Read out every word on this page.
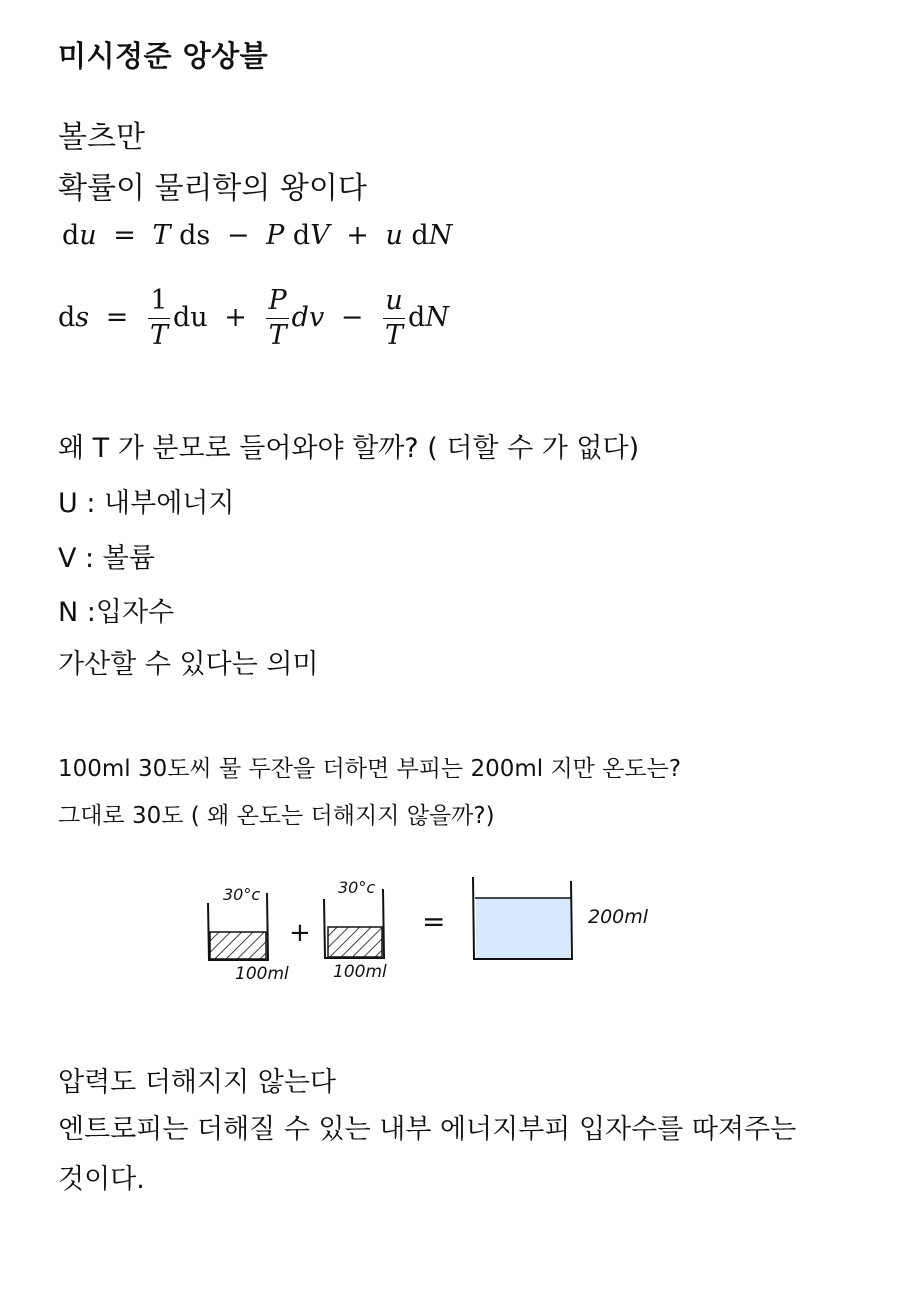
미시정준 앙상블
볼츠만
확률이 물리학의 왕이다
du = T ds − P dV + u dN
ds = $\frac{1}{T}$ du + $\frac{P}{T}$ dv − $\frac{u}{T}$ dN
왜 T 가 분모로 들어와야 할까? ( 더할 수 가 없다)
U : 내부에너지
V : 볼륨
N :입자수
가산할 수 있다는 의미
100ml 30도씨 물 두잔을 더하면 부피는 200ml 지만 온도는?
그대로 30도 ( 왜 온도는 더해지지 않을까?)
30°c
100ml
+
30°c
100ml
=	200ml
압력도 더해지지 않는다
엔트로피는 더해질 수 있는 내부 에너지부피 입자수를 따져주는
것이다.
